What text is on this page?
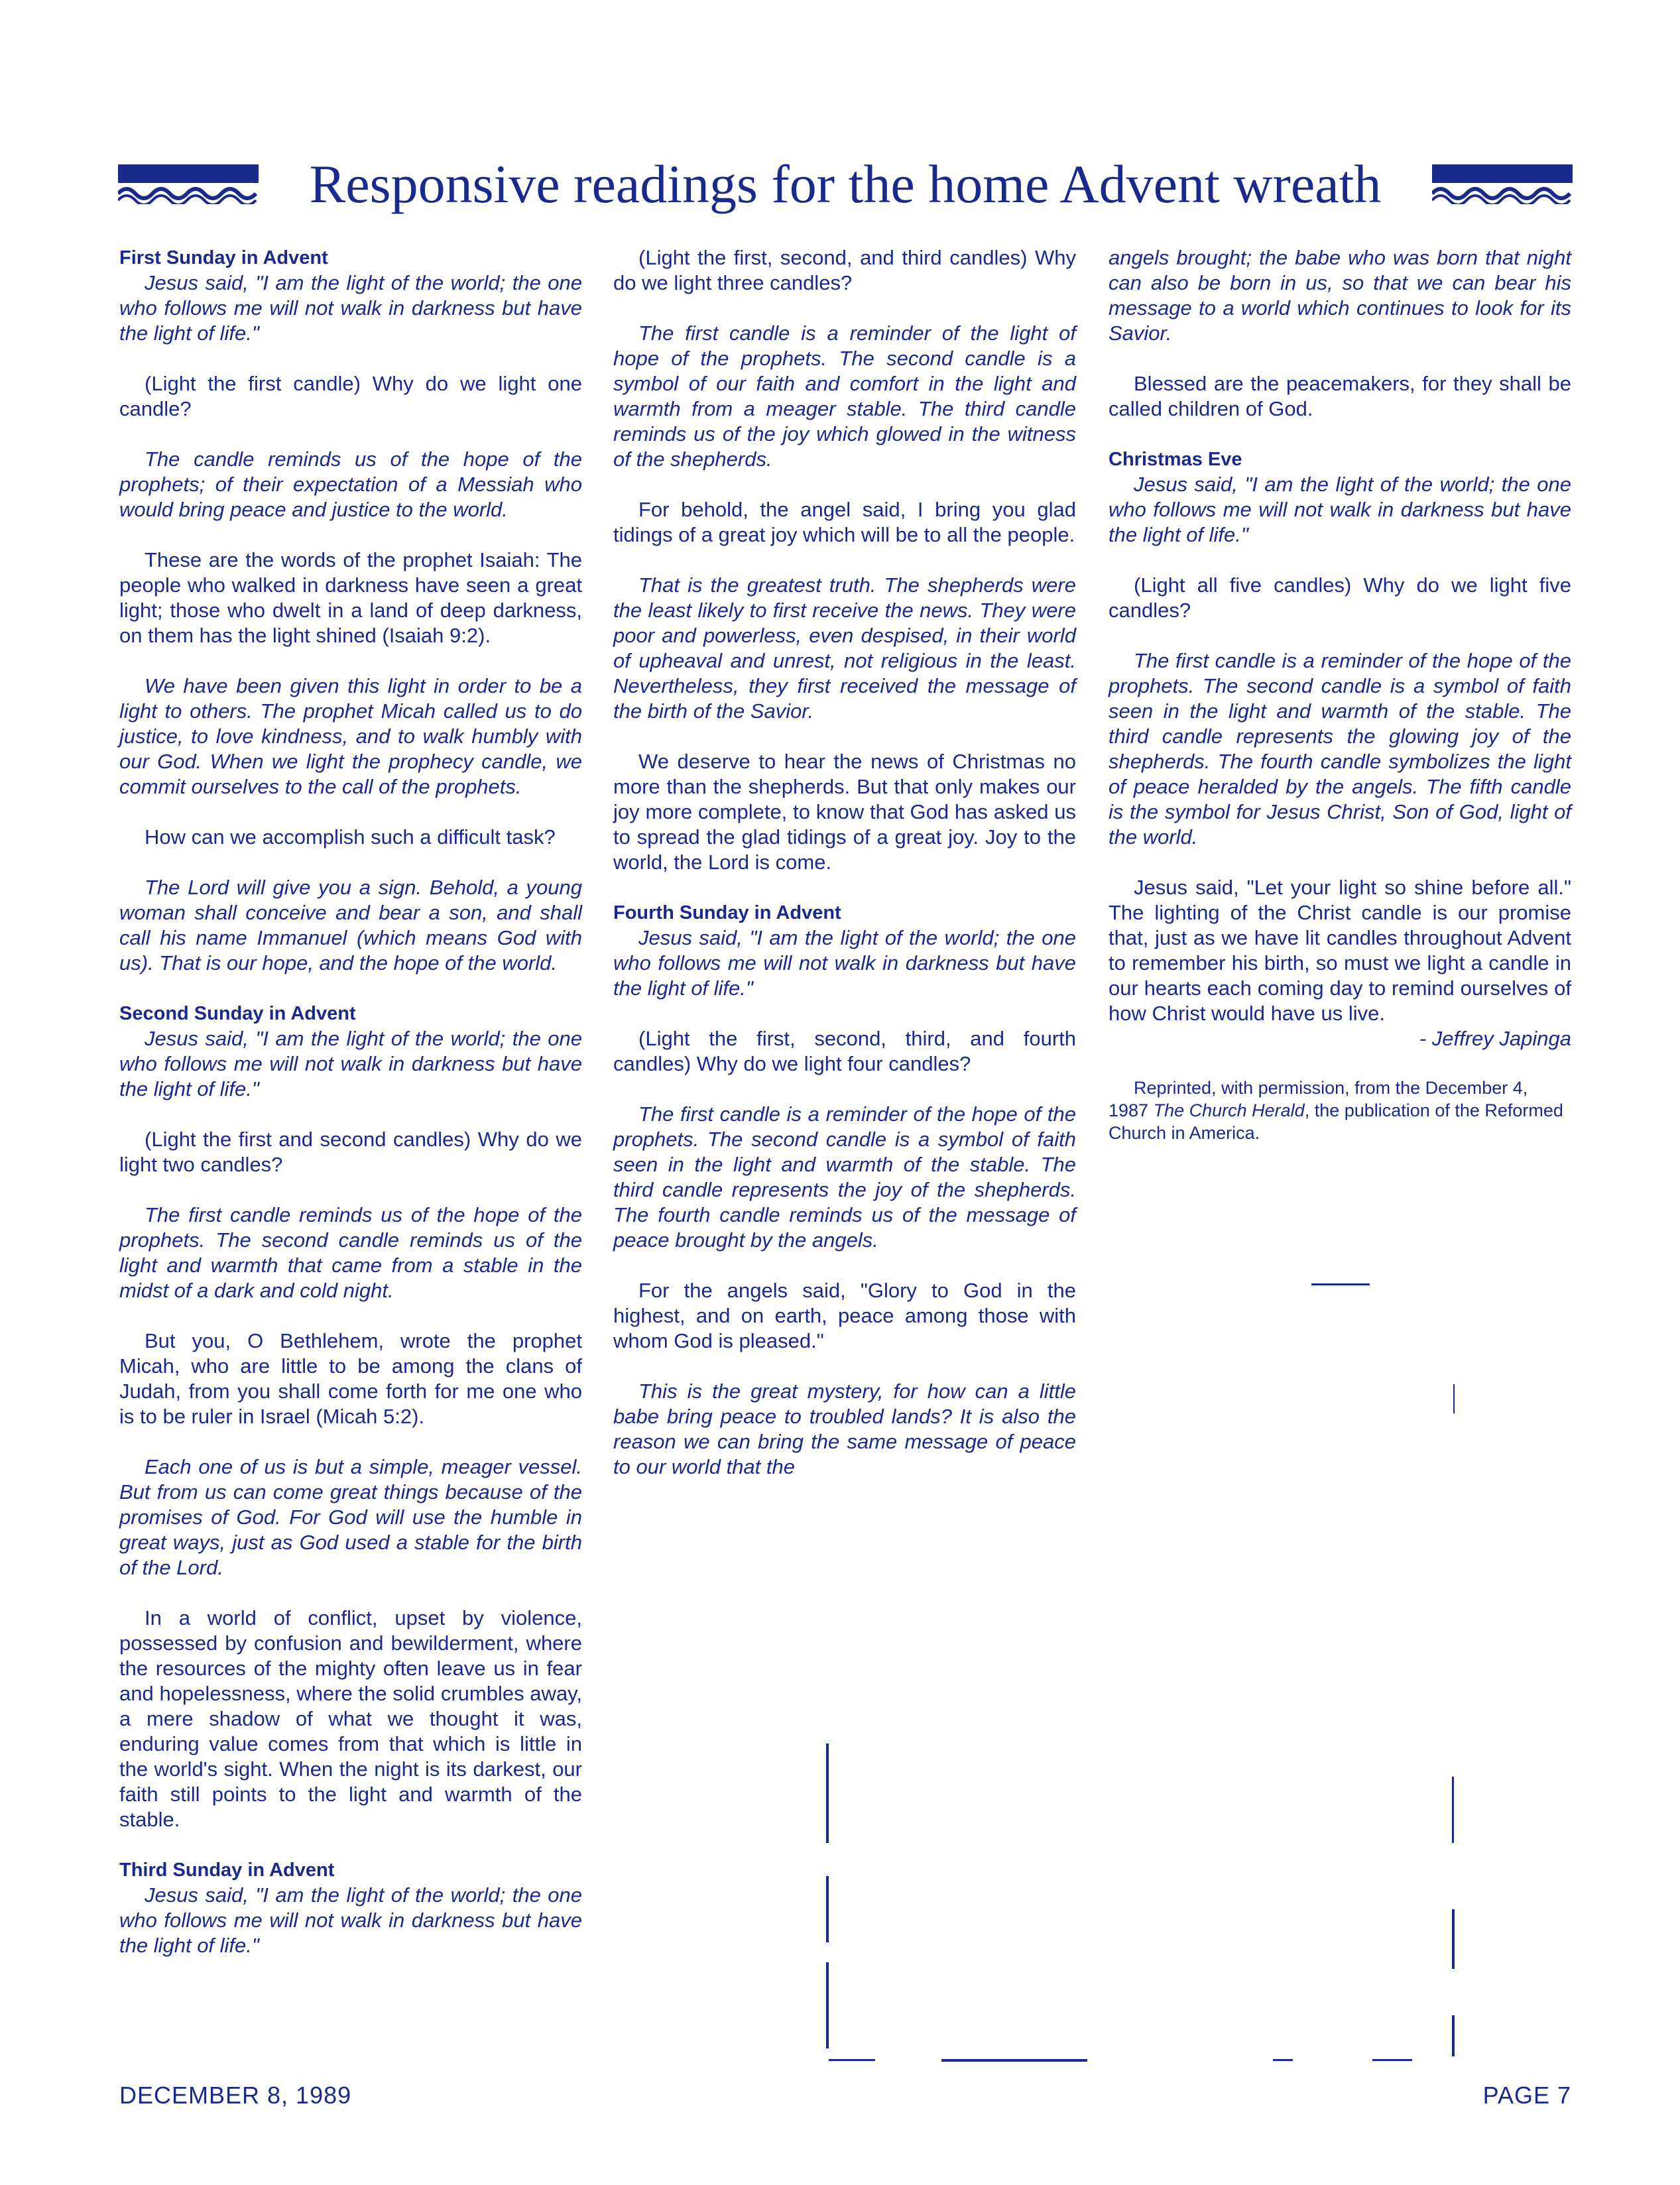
Responsive readings for the home Advent wreath
First Sunday in Advent

Jesus said, "I am the light of the world; the one who follows me will not walk in darkness but have the light of life."

(Light the first candle) Why do we light one candle?

The candle reminds us of the hope of the prophets; of their expectation of a Messiah who would bring peace and justice to the world.

These are the words of the prophet Isaiah: The people who walked in darkness have seen a great light; those who dwelt in a land of deep darkness, on them has the light shined (Isaiah 9:2).

We have been given this light in order to be a light to others. The prophet Micah called us to do justice, to love kindness, and to walk humbly with our God. When we light the prophecy candle, we commit ourselves to the call of the prophets.

How can we accomplish such a difficult task?

The Lord will give you a sign. Behold, a young woman shall conceive and bear a son, and shall call his name Immanuel (which means God with us). That is our hope, and the hope of the world.

Second Sunday in Advent

Jesus said, "I am the light of the world; the one who follows me will not walk in darkness but have the light of life."

(Light the first and second candles) Why do we light two candles?

The first candle reminds us of the hope of the prophets. The second candle reminds us of the light and warmth that came from a stable in the midst of a dark and cold night.

But you, O Bethlehem, wrote the prophet Micah, who are little to be among the clans of Judah, from you shall come forth for me one who is to be ruler in Israel (Micah 5:2).

Each one of us is but a simple, meager vessel. But from us can come great things because of the promises of God. For God will use the humble in great ways, just as God used a stable for the birth of the Lord.

In a world of conflict, upset by violence, possessed by confusion and bewilderment, where the resources of the mighty often leave us in fear and hopelessness, where the solid crumbles away, a mere shadow of what we thought it was, enduring value comes from that which is little in the world's sight. When the night is its darkest, our faith still points to the light and warmth of the stable.

Third Sunday in Advent

Jesus said, "I am the light of the world; the one who follows me will not walk in darkness but have the light of life."

(Light the first, second, and third candles) Why do we light three candles?

The first candle is a reminder of the light of hope of the prophets. The second candle is a symbol of our faith and comfort in the light and warmth from a meager stable. The third candle reminds us of the joy which glowed in the witness of the shepherds.

For behold, the angel said, I bring you glad tidings of a great joy which will be to all the people.

That is the greatest truth. The shepherds were the least likely to first receive the news. They were poor and powerless, even despised, in their world of upheaval and unrest, not religious in the least. Nevertheless, they first received the message of the birth of the Savior.

We deserve to hear the news of Christmas no more than the shepherds. But that only makes our joy more complete, to know that God has asked us to spread the glad tidings of a great joy. Joy to the world, the Lord is come.

Fourth Sunday in Advent

Jesus said, "I am the light of the world; the one who follows me will not walk in darkness but have the light of life."

(Light the first, second, third, and fourth candles) Why do we light four candles?

The first candle is a reminder of the hope of the prophets. The second candle is a symbol of faith seen in the light and warmth of the stable. The third candle represents the joy of the shepherds. The fourth candle reminds us of the message of peace brought by the angels.

For the angels said, "Glory to God in the highest, and on earth, peace among those with whom God is pleased."

This is the great mystery, for how can a little babe bring peace to troubled lands? It is also the reason we can bring the same message of peace to our world that the

angels brought; the babe who was born that night can also be born in us, so that we can bear his message to a world which continues to look for its Savior.

Blessed are the peacemakers, for they shall be called children of God.

Christmas Eve

Jesus said, "I am the light of the world; the one who follows me will not walk in darkness but have the light of life."

(Light all five candles) Why do we light five candles?

The first candle is a reminder of the hope of the prophets. The second candle is a symbol of faith seen in the light and warmth of the stable. The third candle represents the glowing joy of the shepherds. The fourth candle symbolizes the light of peace heralded by the angels. The fifth candle is the symbol for Jesus Christ, Son of God, light of the world.

Jesus said, "Let your light so shine before all." The lighting of the Christ candle is our promise that, just as we have lit candles throughout Advent to remember his birth, so must we light a candle in our hearts each coming day to remind ourselves of how Christ would have us live.

- Jeffrey Japinga

Reprinted, with permission, from the December 4, 1987 The Church Herald, the publication of the Reformed Church in America.

DECEMBER 8, 1989	PAGE 7
